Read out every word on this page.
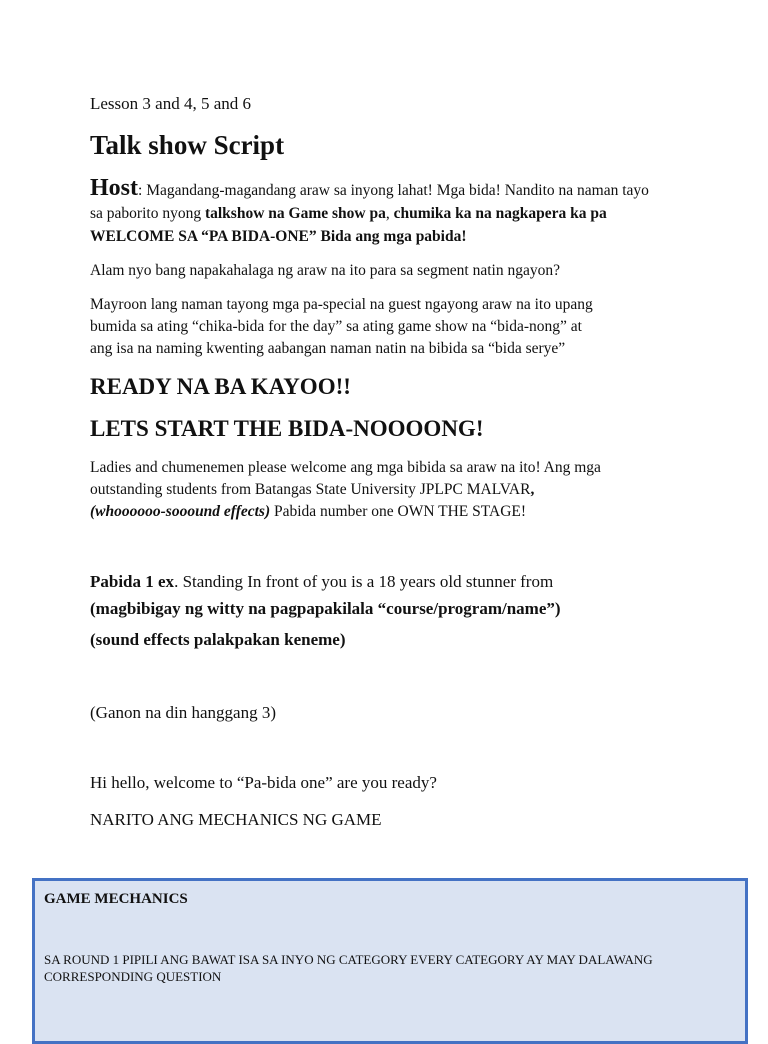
Lesson 3 and 4, 5 and 6

Talk show Script

Host: Magandang-magandang araw sa inyong lahat! Mga bida! Nandito na naman tayo sa paborito nyong talkshow na Game show pa, chumika ka na nagkapera ka pa WELCOME SA “PA BIDA-ONE” Bida ang mga pabida!

Alam nyo bang napakahalaga ng araw na ito para sa segment natin ngayon?

Mayroon lang naman tayong mga pa-special na guest ngayong araw na ito upang
bumida sa ating “chika-bida for the day” sa ating game show na “bida-nong” at
ang isa na naming kwenting aabangan naman natin na bibida sa “bida serye”
READY NA BA KAYOO!!
LETS START THE BIDA-NOOOONG!
Ladies and chumenemen please welcome ang mga bibida sa araw na ito! Ang mga
outstanding students from Batangas State University JPLPC MALVAR,
(whoooooo-sooound effects) Pabida number one OWN THE STAGE!
Pabida 1 ex. Standing In front of you is a 18 years old stunner from
(magbibigay ng witty na pagpapakilala “course/program/name”)

(sound effects palakpakan keneme)

(Ganon na din hanggang 3)

Hi hello, welcome to “Pa-bida one” are you ready?

NARITO ANG MECHANICS NG GAME

GAME MECHANICS

SA ROUND 1 PIPILI ANG BAWAT ISA SA INYO NG CATEGORY EVERY CATEGORY AY MAY DALAWANG CORRESPONDING QUESTION
